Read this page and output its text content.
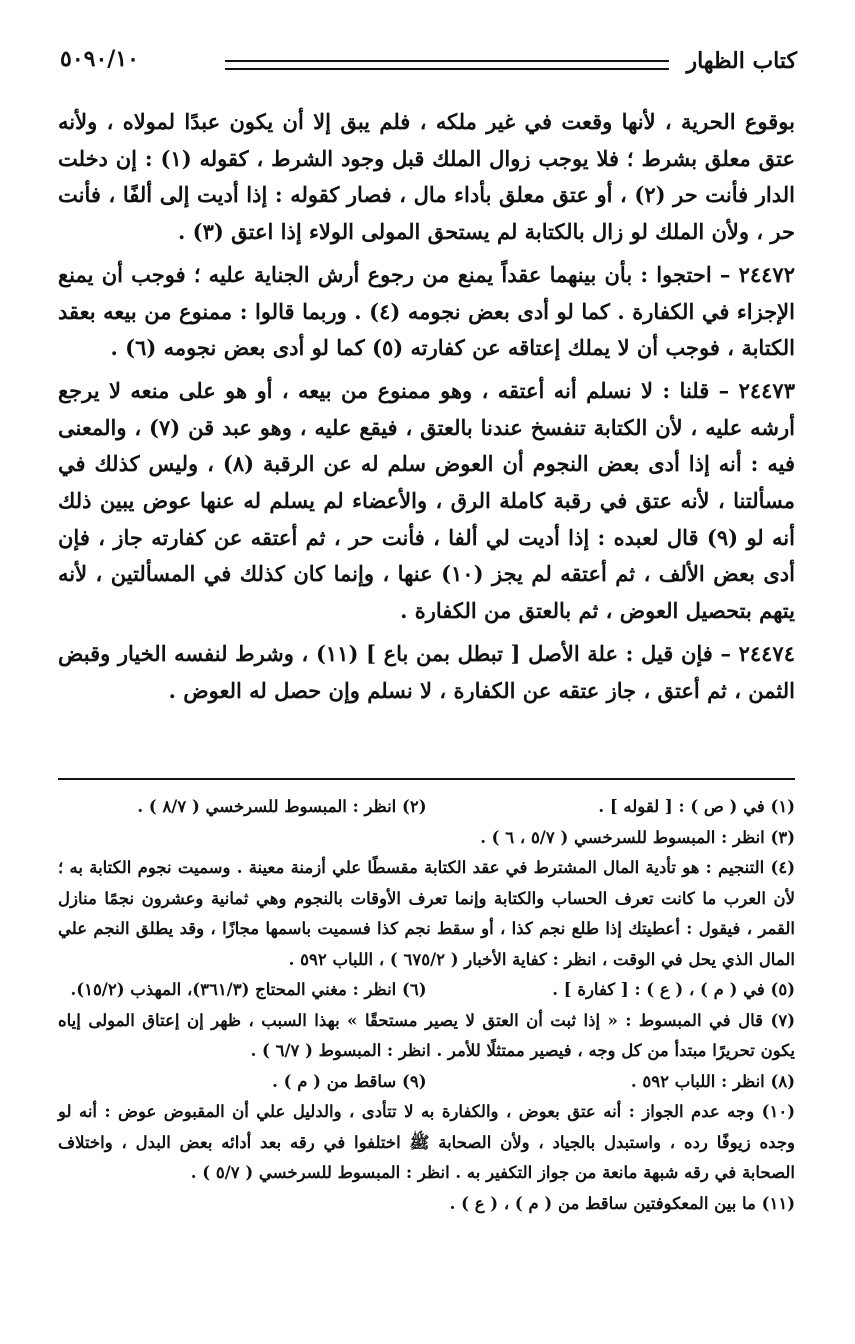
كتاب الظهار
٥٠٩٠/١٠

بوقوع الحرية ، لأنها وقعت في غير ملكه ، فلم يبق إلا أن يكون عبدًا لمولاه ، ولأنه عتق معلق بشرط ؛ فلا يوجب زوال الملك قبل وجود الشرط ، كقوله (١) : إن دخلت الدار فأنت حر (٢) ، أو عتق معلق بأداء مال ، فصار كقوله : إذا أديت إلى ألفًا ، فأنت حر ، ولأن الملك لو زال بالكتابة لم يستحق المولى الولاء إذا اعتق (٣) .

٢٤٤٧٢ – احتجوا : بأن بينهما عقداً يمنع من رجوع أرش الجناية عليه ؛ فوجب أن يمنع الإجزاء في الكفارة . كما لو أدى بعض نجومه (٤) . وربما قالوا : ممنوع من بيعه بعقد الكتابة ، فوجب أن لا يملك إعتاقه عن كفارته (٥) كما لو أدى بعض نجومه (٦) .

٢٤٤٧٣ – قلنا : لا نسلم أنه أعتقه ، وهو ممنوع من بيعه ، أو هو على منعه لا يرجع أرشه عليه ، لأن الكتابة تنفسخ عندنا بالعتق ، فيقع عليه ، وهو عبد قن (٧) ، والمعنى فيه : أنه إذا أدى بعض النجوم أن العوض سلم له عن الرقبة (٨) ، وليس كذلك في مسألتنا ، لأنه عتق في رقبة كاملة الرق ، والأعضاء لم يسلم له عنها عوض يبين ذلك أنه لو (٩) قال لعبده : إذا أديت لي ألفا ، فأنت حر ، ثم أعتقه عن كفارته جاز ، فإن أدى بعض الألف ، ثم أعتقه لم يجز (١٠) عنها ، وإنما كان كذلك في المسألتين ، لأنه يتهم بتحصيل العوض ، ثم بالعتق من الكفارة .

٢٤٤٧٤ – فإن قيل : علة الأصل [ تبطل بمن باع ] (١١) ، وشرط لنفسه الخيار وقبض الثمن ، ثم أعتق ، جاز عتقه عن الكفارة ، لا نسلم وإن حصل له العوض .

(١) في ( ص ) : [ لقوله ] .
(٢) انظر : المبسوط للسرخسي ( ٨/٧ ) .

(٣) انظر : المبسوط للسرخسي ( ٥/٧ ، ٦ ) .

(٤) التنجيم : هو تأدية المال المشترط في عقد الكتابة مقسطًا علي أزمنة معينة . وسميت نجوم الكتابة به ؛ لأن العرب ما كانت تعرف الحساب والكتابة وإنما تعرف الأوقات بالنجوم وهي ثمانية وعشرون نجمًا منازل القمر ، فيقول : أعطيتك إذا طلع نجم كذا ، أو سقط نجم كذا فسميت باسمها مجازًا ، وقد يطلق النجم علي المال الذي يحل في الوقت ، انظر : كفاية الأخبار ( ٦٧٥/٢ ) ، اللباب ٥٩٢ .

(٥) في ( م ) ، ( ع ) : [ كفارة ] .
(٦) انظر : مغني المحتاج (٣٦١/٣)، المهذب (١٥/٢).

(٧) قال في المبسوط : « إذا ثبت أن العتق لا يصير مستحقًا » بهذا السبب ، ظهر إن إعتاق المولى إياه يكون تحريرًا مبتدأ من كل وجه ، فيصير ممتثلًا للأمر . انظر : المبسوط ( ٦/٧ ) .

(٨) انظر : اللباب ٥٩٢ .
(٩) ساقط من ( م ) .

(١٠) وجه عدم الجواز : أنه عتق بعوض ، والكفارة به لا تتأدى ، والدليل علي أن المقبوض عوض : أنه لو وجده زيوفًا رده ، واستبدل بالجياد ، ولأن الصحابة ﷺ اختلفوا في رقه بعد أدائه بعض البدل ، واختلاف الصحابة في رقه شبهة مانعة من جواز التكفير به . انظر : المبسوط للسرخسي ( ٥/٧ ) .

(١١) ما بين المعكوفتين ساقط من ( م ) ، ( ع ) .
